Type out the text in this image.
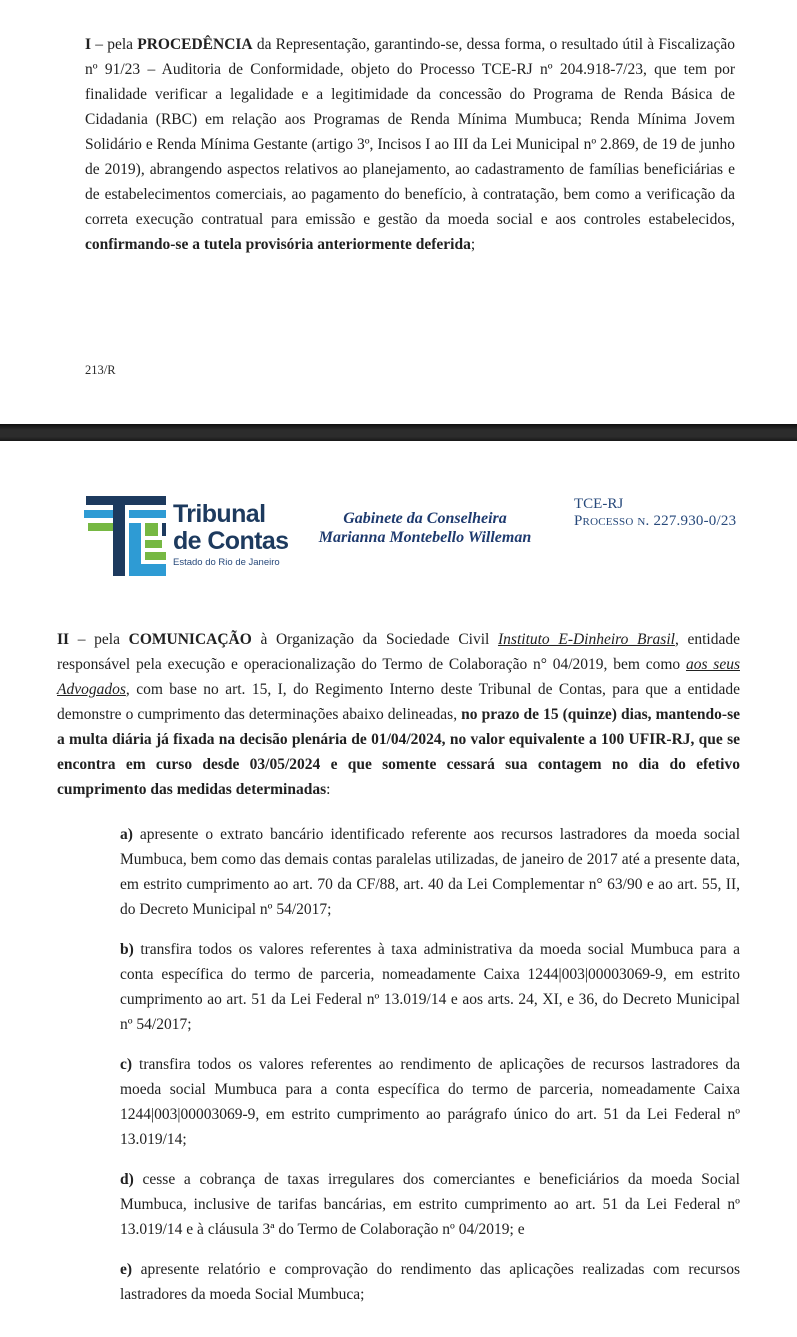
I – pela PROCEDÊNCIA da Representação, garantindo-se, dessa forma, o resultado útil à Fiscalização nº 91/23 – Auditoria de Conformidade, objeto do Processo TCE-RJ nº 204.918-7/23, que tem por finalidade verificar a legalidade e a legitimidade da concessão do Programa de Renda Básica de Cidadania (RBC) em relação aos Programas de Renda Mínima Mumbuca; Renda Mínima Jovem Solidário e Renda Mínima Gestante (artigo 3º, Incisos I ao III da Lei Municipal nº 2.869, de 19 de junho de 2019), abrangendo aspectos relativos ao planejamento, ao cadastramento de famílias beneficiárias e de estabelecimentos comerciais, ao pagamento do benefício, à contratação, bem como a verificação da correta execução contratual para emissão e gestão da moeda social e aos controles estabelecidos, confirmando-se a tutela provisória anteriormente deferida;

213/R
Tribunal
de Contas
Estado do Rio de Janeiro
Gabinete da Conselheira
Marianna Montebello Willeman
TCE-RJ
Processo n. 227.930-0/23

II – pela COMUNICAÇÃO à Organização da Sociedade Civil Instituto E-Dinheiro Brasil, entidade responsável pela execução e operacionalização do Termo de Colaboração n° 04/2019, bem como aos seus Advogados, com base no art. 15, I, do Regimento Interno deste Tribunal de Contas, para que a entidade demonstre o cumprimento das determinações abaixo delineadas, no prazo de 15 (quinze) dias, mantendo-se a multa diária já fixada na decisão plenária de 01/04/2024, no valor equivalente a 100 UFIR-RJ, que se encontra em curso desde 03/05/2024 e que somente cessará sua contagem no dia do efetivo cumprimento das medidas determinadas:

a) apresente o extrato bancário identificado referente aos recursos lastradores da moeda social Mumbuca, bem como das demais contas paralelas utilizadas, de janeiro de 2017 até a presente data, em estrito cumprimento ao art. 70 da CF/88, art. 40 da Lei Complementar n° 63/90 e ao art. 55, II, do Decreto Municipal nº 54/2017;

b) transfira todos os valores referentes à taxa administrativa da moeda social Mumbuca para a conta específica do termo de parceria, nomeadamente Caixa 1244|003|00003069-9, em estrito cumprimento ao art. 51 da Lei Federal nº 13.019/14 e aos arts. 24, XI, e 36, do Decreto Municipal nº 54/2017;

c) transfira todos os valores referentes ao rendimento de aplicações de recursos lastradores da moeda social Mumbuca para a conta específica do termo de parceria, nomeadamente Caixa 1244|003|00003069-9, em estrito cumprimento ao parágrafo único do art. 51 da Lei Federal nº 13.019/14;

d) cesse a cobrança de taxas irregulares dos comerciantes e beneficiários da moeda Social Mumbuca, inclusive de tarifas bancárias, em estrito cumprimento ao art. 51 da Lei Federal nº 13.019/14 e à cláusula 3ª do Termo de Colaboração nº 04/2019; e

e) apresente relatório e comprovação do rendimento das aplicações realizadas com recursos lastradores da moeda Social Mumbuca;
